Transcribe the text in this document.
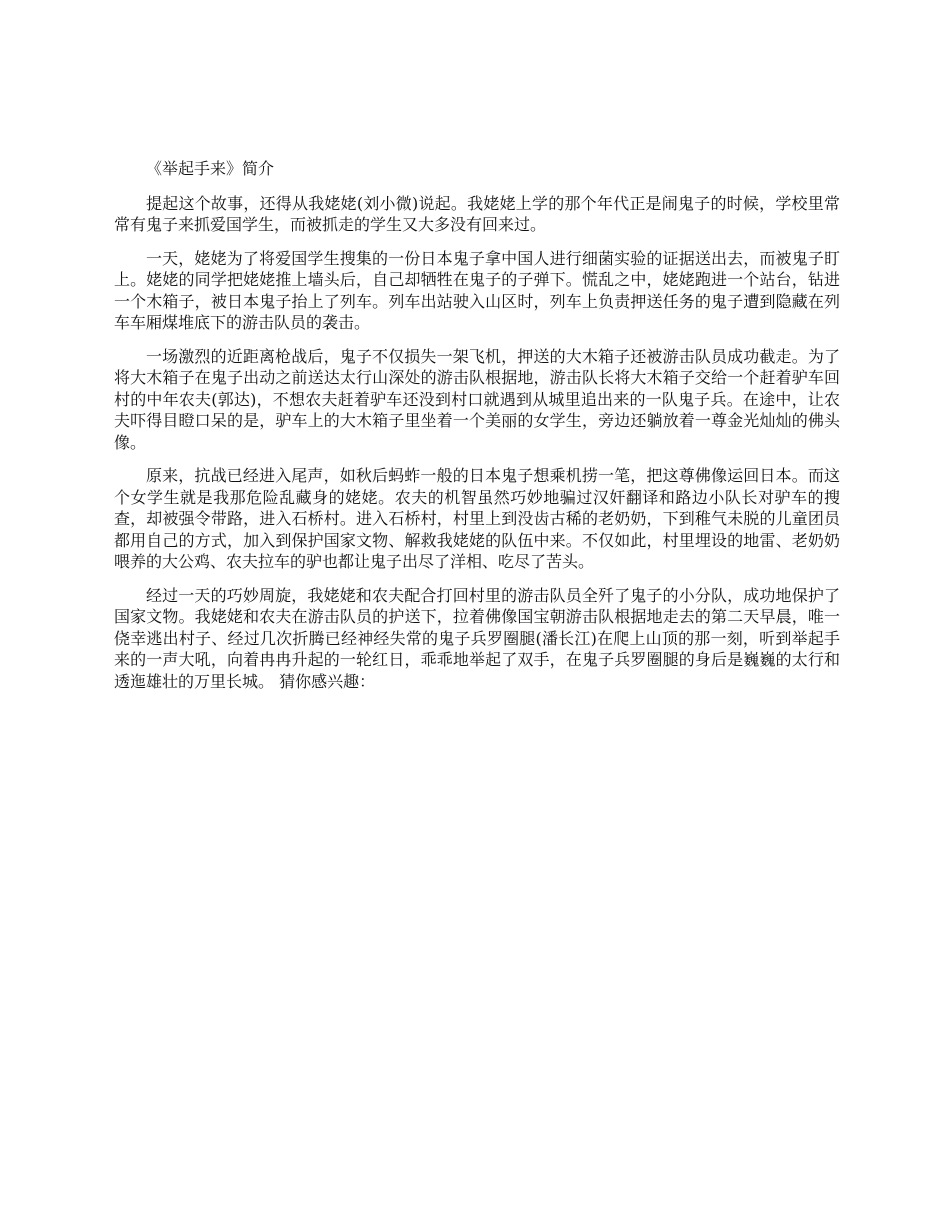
《举起手来》简介

提起这个故事，还得从我姥姥(刘小微)说起。我姥姥上学的那个年代正是闹鬼子的时候，学校里常常有鬼子来抓爱国学生，而被抓走的学生又大多没有回来过。

一天，姥姥为了将爱国学生搜集的一份日本鬼子拿中国人进行细菌实验的证据送出去，而被鬼子盯上。姥姥的同学把姥姥推上墙头后，自己却牺牲在鬼子的子弹下。慌乱之中，姥姥跑进一个站台，钻进一个木箱子，被日本鬼子抬上了列车。列车出站驶入山区时，列车上负责押送任务的鬼子遭到隐藏在列车车厢煤堆底下的游击队员的袭击。

一场激烈的近距离枪战后，鬼子不仅损失一架飞机，押送的大木箱子还被游击队员成功截走。为了将大木箱子在鬼子出动之前送达太行山深处的游击队根据地，游击队长将大木箱子交给一个赶着驴车回村的中年农夫(郭达)，不想农夫赶着驴车还没到村口就遇到从城里追出来的一队鬼子兵。在途中，让农夫吓得目瞪口呆的是，驴车上的大木箱子里坐着一个美丽的女学生，旁边还躺放着一尊金光灿灿的佛头像。

原来，抗战已经进入尾声，如秋后蚂蚱一般的日本鬼子想乘机捞一笔，把这尊佛像运回日本。而这个女学生就是我那危险乱藏身的姥姥。农夫的机智虽然巧妙地骗过汉奸翻译和路边小队长对驴车的搜查，却被强令带路，进入石桥村。进入石桥村，村里上到没齿古稀的老奶奶，下到稚气未脱的儿童团员都用自己的方式，加入到保护国家文物、解救我姥姥的队伍中来。不仅如此，村里埋设的地雷、老奶奶喂养的大公鸡、农夫拉车的驴也都让鬼子出尽了洋相、吃尽了苦头。

经过一天的巧妙周旋，我姥姥和农夫配合打回村里的游击队员全歼了鬼子的小分队，成功地保护了国家文物。我姥姥和农夫在游击队员的护送下，拉着佛像国宝朝游击队根据地走去的第二天早晨，唯一侥幸逃出村子、经过几次折腾已经神经失常的鬼子兵罗圈腿(潘长江)在爬上山顶的那一刻，听到举起手来的一声大吼，向着冉冉升起的一轮红日，乖乖地举起了双手，在鬼子兵罗圈腿的身后是巍巍的太行和透迤雄壮的万里长城。 猜你感兴趣：
